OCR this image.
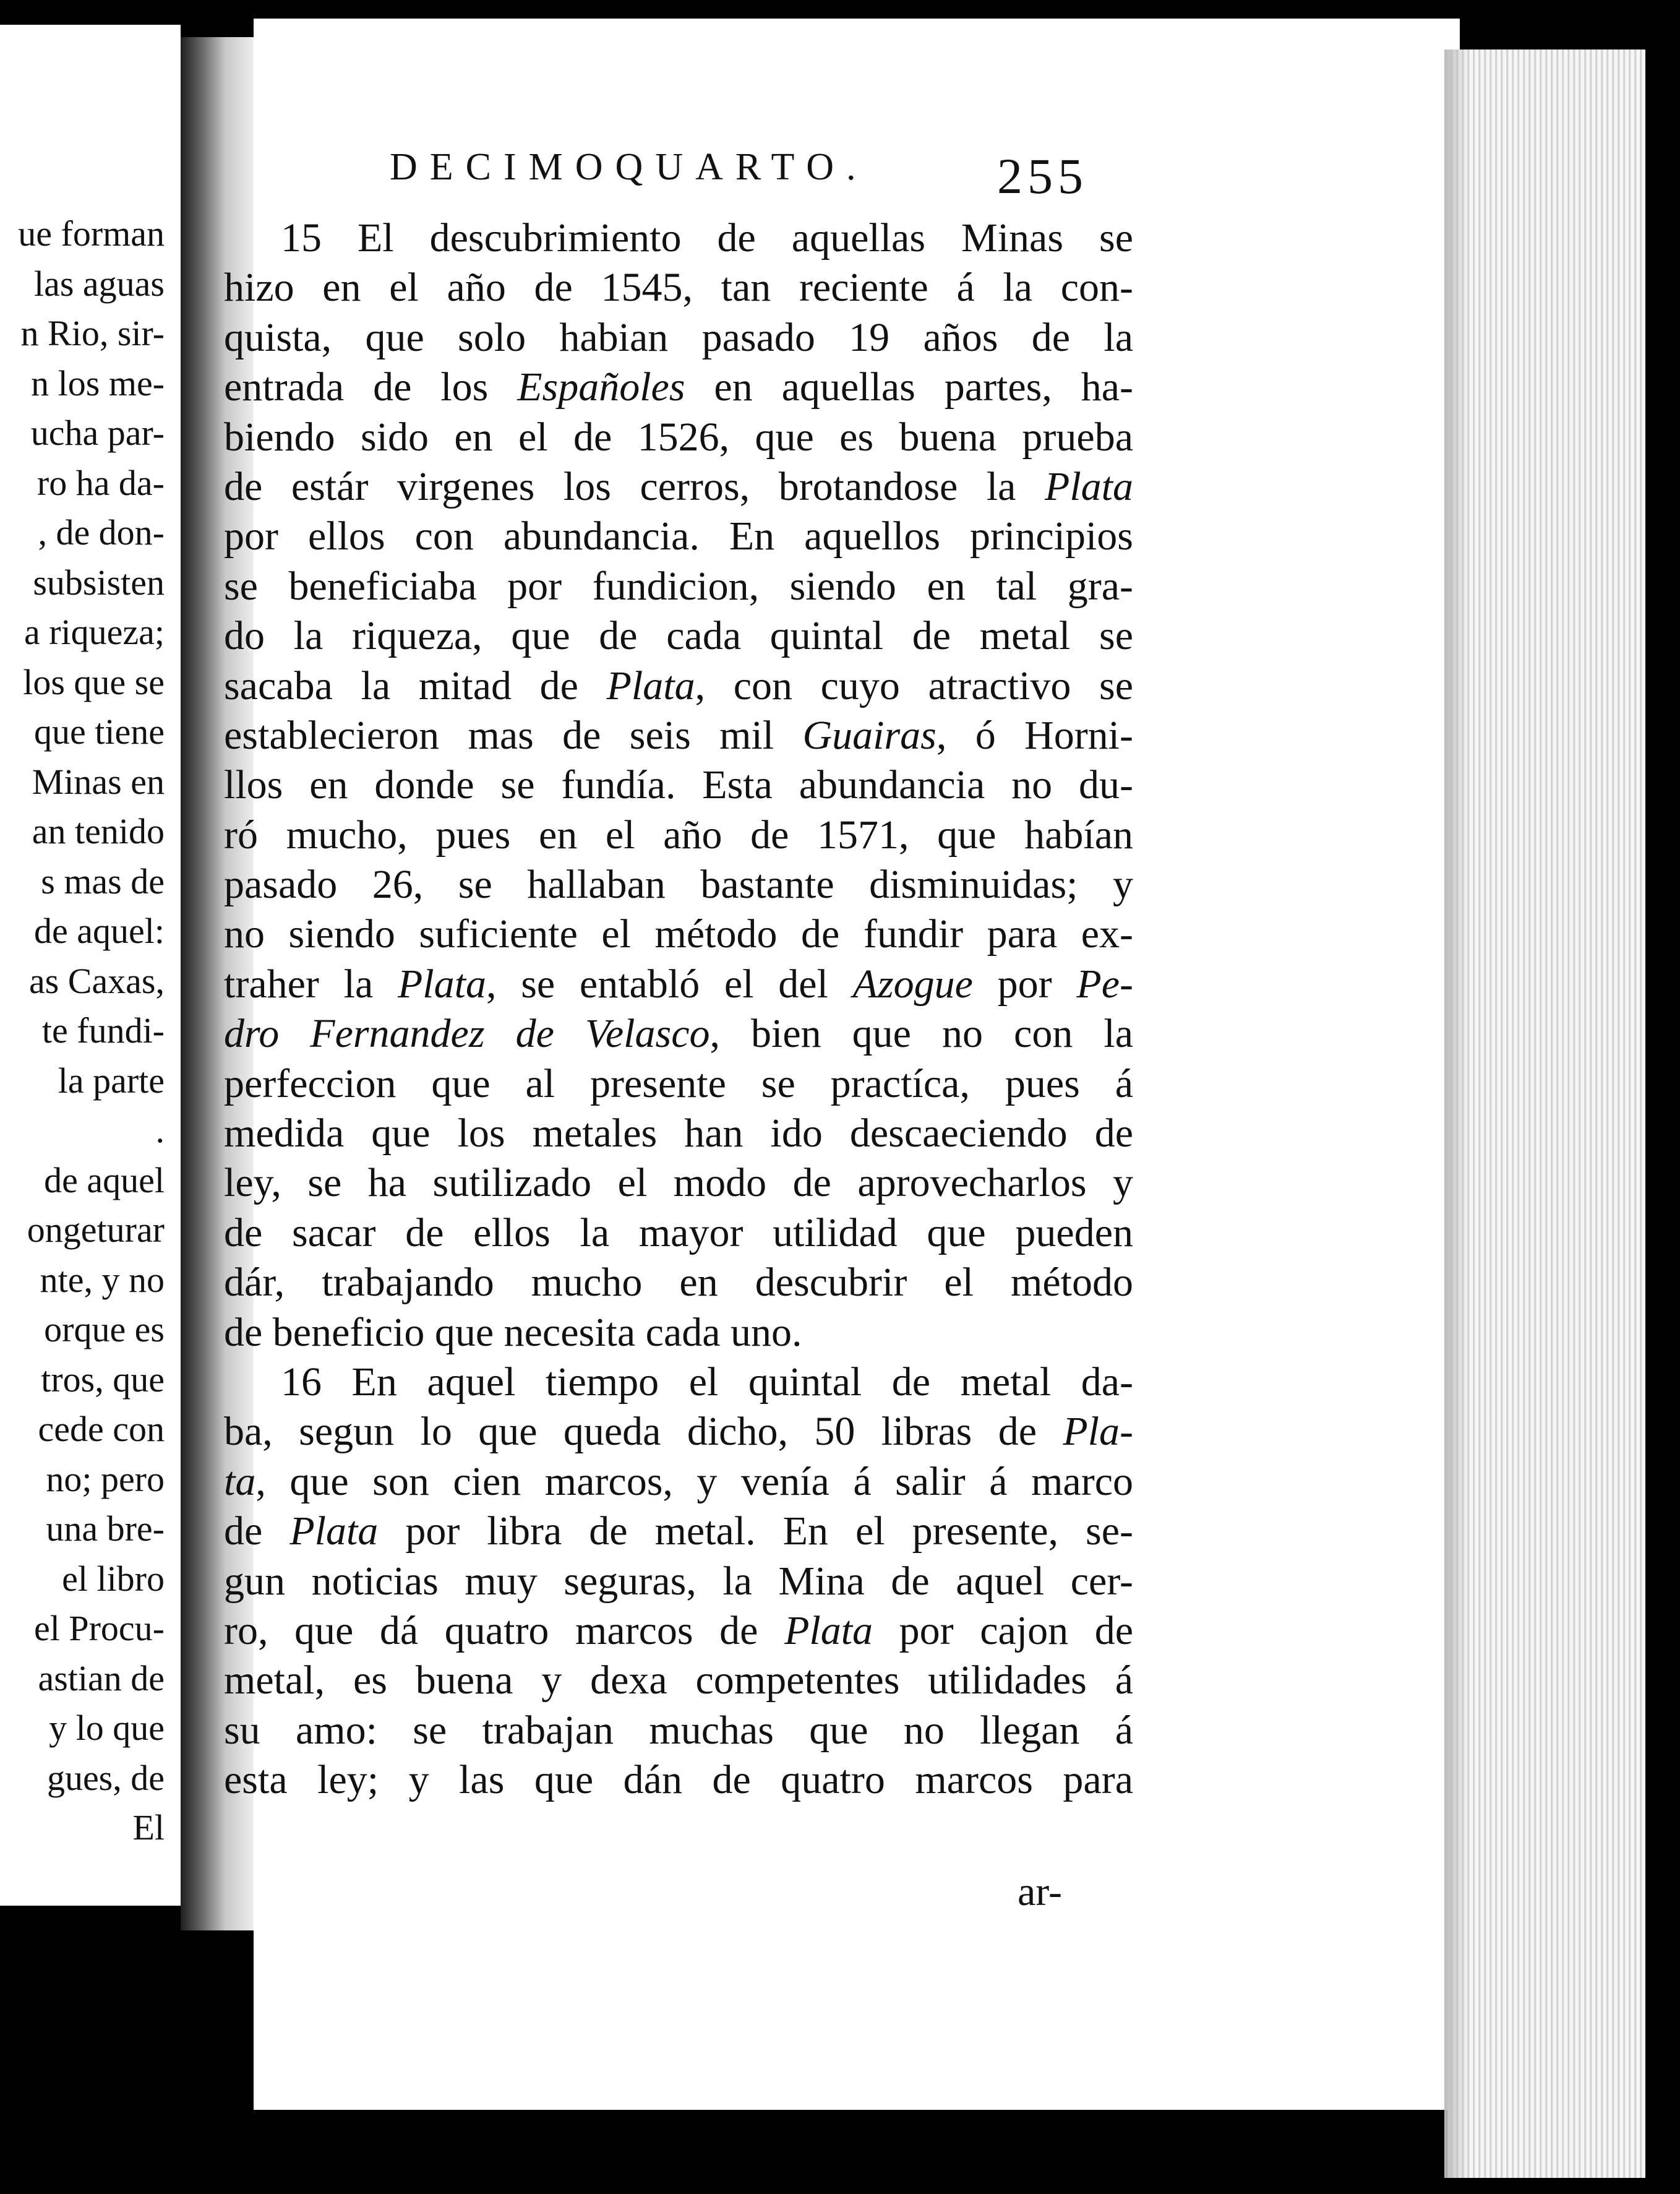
ue forman
las aguas
n Rio, sir-
n los me-
ucha par-
ro ha da-
, de don-
subsisten
a riqueza;
los que se
que tiene
Minas en
an tenido
s mas de
de aquel:
as Caxas,
te fundi-
la parte
.
de aquel
ongeturar
nte, y no
orque es
tros, que
cede con
no; pero
una bre-
el libro
el Procu-
astian de
y lo que
gues, de
El
DECIMOQUARTO.	255
15 El descubrimiento de aquellas Minas se
hizo en el año de 1545, tan reciente á la con-
quista, que solo habian pasado 19 años de la
entrada de los Españoles en aquellas partes, ha-
biendo sido en el de 1526, que es buena prueba
de estár virgenes los cerros, brotandose la Plata
por ellos con abundancia. En aquellos principios
se beneficiaba por fundicion, siendo en tal gra-
do la riqueza, que de cada quintal de metal se
sacaba la mitad de Plata, con cuyo atractivo se
establecieron mas de seis mil Guairas, ó Horni-
llos en donde se fundía. Esta abundancia no du-
ró mucho, pues en el año de 1571, que habían
pasado 26, se hallaban bastante disminuidas; y
no siendo suficiente el método de fundir para ex-
traher la Plata, se entabló el del Azogue por Pe-
dro Fernandez de Velasco, bien que no con la
perfeccion que al presente se practíca, pues á
medida que los metales han ido descaeciendo de
ley, se ha sutilizado el modo de aprovecharlos y
de sacar de ellos la mayor utilidad que pueden
dár, trabajando mucho en descubrir el método
de beneficio que necesita cada uno.
16 En aquel tiempo el quintal de metal da-
ba, segun lo que queda dicho, 50 libras de Pla-
ta, que son cien marcos, y venía á salir á marco
de Plata por libra de metal. En el presente, se-
gun noticias muy seguras, la Mina de aquel cer-
ro, que dá quatro marcos de Plata por cajon de
metal, es buena y dexa competentes utilidades á
su amo: se trabajan muchas que no llegan á
esta ley; y las que dán de quatro marcos para
ar-
